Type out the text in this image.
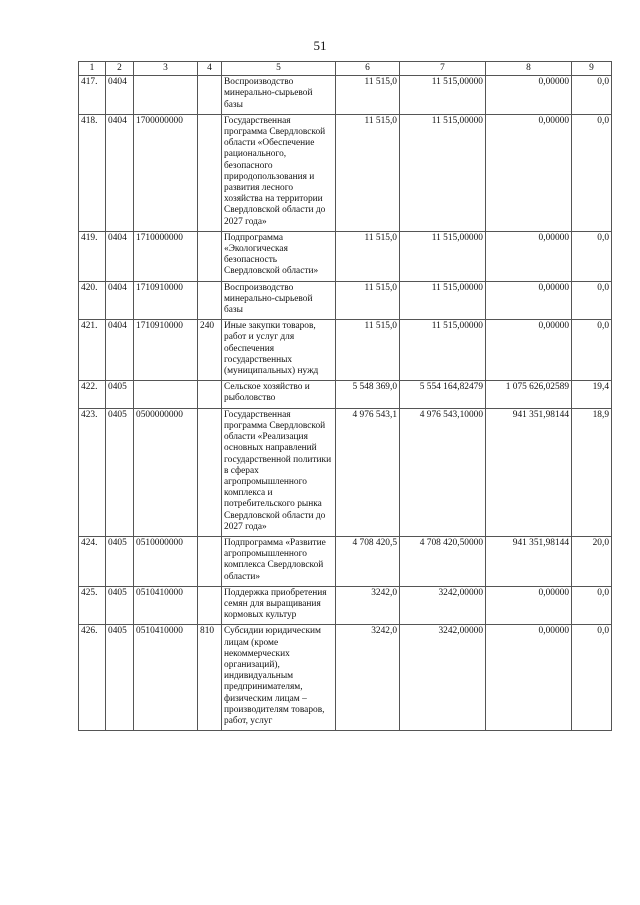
51
1	2	3	4	5	6	7	8	9
417.	0404			Воспроизводство минерально-сырьевой базы	11 515,0	11 515,00000	0,00000	0,0
418.	0404	1700000000		Государственная программа Свердловской области «Обеспечение рационального, безопасного природопользования и развития лесного хозяйства на территории Свердловской области до 2027 года»	11 515,0	11 515,00000	0,00000	0,0
419.	0404	1710000000		Подпрограмма «Экологическая безопасность Свердловской области»	11 515,0	11 515,00000	0,00000	0,0
420.	0404	1710910000		Воспроизводство минерально-сырьевой базы	11 515,0	11 515,00000	0,00000	0,0
421.	0404	1710910000	240	Иные закупки товаров, работ и услуг для обеспечения государственных (муниципальных) нужд	11 515,0	11 515,00000	0,00000	0,0
422.	0405			Сельское хозяйство и рыболовство	5 548 369,0	5 554 164,82479	1 075 626,02589	19,4
423.	0405	0500000000		Государственная программа Свердловской области «Реализация основных направлений государственной политики в сферах агропромышленного комплекса и потребительского рынка Свердловской области до 2027 года»	4 976 543,1	4 976 543,10000	941 351,98144	18,9
424.	0405	0510000000		Подпрограмма «Развитие агропромышленного комплекса Свердловской области»	4 708 420,5	4 708 420,50000	941 351,98144	20,0
425.	0405	0510410000		Поддержка приобретения семян для выращивания кормовых культур	3242,0	3242,00000	0,00000	0,0
426.	0405	0510410000	810	Субсидии юридическим лицам (кроме некоммерческих организаций), индивидуальным предпринимателям, физическим лицам – производителям товаров, работ, услуг	3242,0	3242,00000	0,00000	0,0
